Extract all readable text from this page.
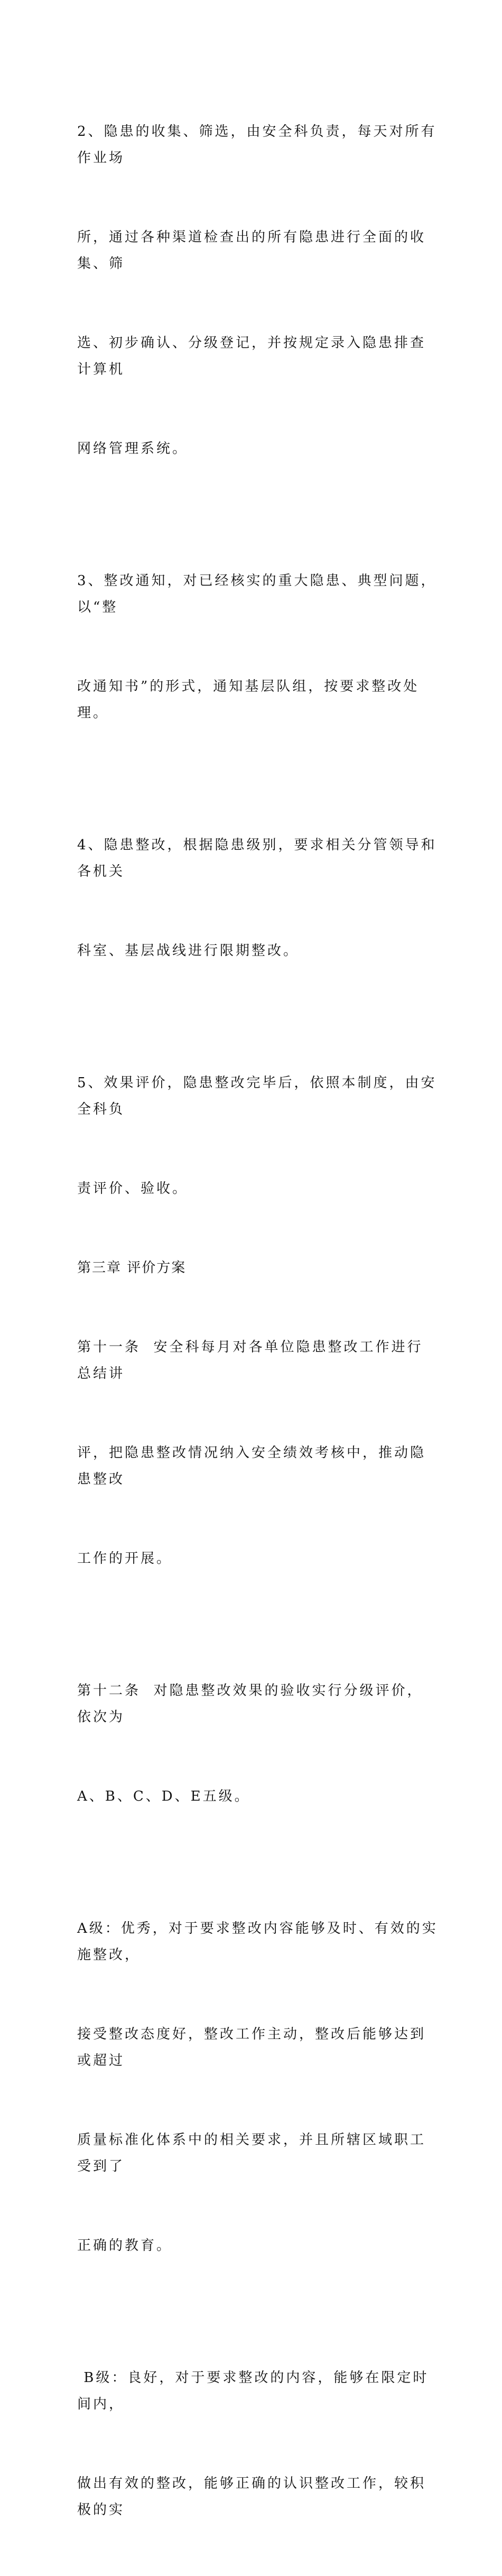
2、隐患的收集、筛选，由安全科负责，每天对所有作业场

所，通过各种渠道检查出的所有隐患进行全面的收集、筛

选、初步确认、分级登记，并按规定录入隐患排查计算机

网络管理系统。

3、整改通知，对已经核实的重大隐患、典型问题，以“整

改通知书”的形式，通知基层队组，按要求整改处理。

4、隐患整改，根据隐患级别，要求相关分管领导和各机关

科室、基层战线进行限期整改。

5、效果评价，隐患整改完毕后，依照本制度，由安全科负

责评价、验收。

第三章 评价方案

第十一条  安全科每月对各单位隐患整改工作进行总结讲

评，把隐患整改情况纳入安全绩效考核中，推动隐患整改

工作的开展。

第十二条  对隐患整改效果的验收实行分级评价，依次为

A、B、C、D、E五级。

A级：优秀，对于要求整改内容能够及时、有效的实施整改，

接受整改态度好，整改工作主动，整改后能够达到或超过

质量标准化体系中的相关要求，并且所辖区域职工受到了

正确的教育。

B级：良好，对于要求整改的内容，能够在限定时间内，

做出有效的整改，能够正确的认识整改工作，较积极的实
